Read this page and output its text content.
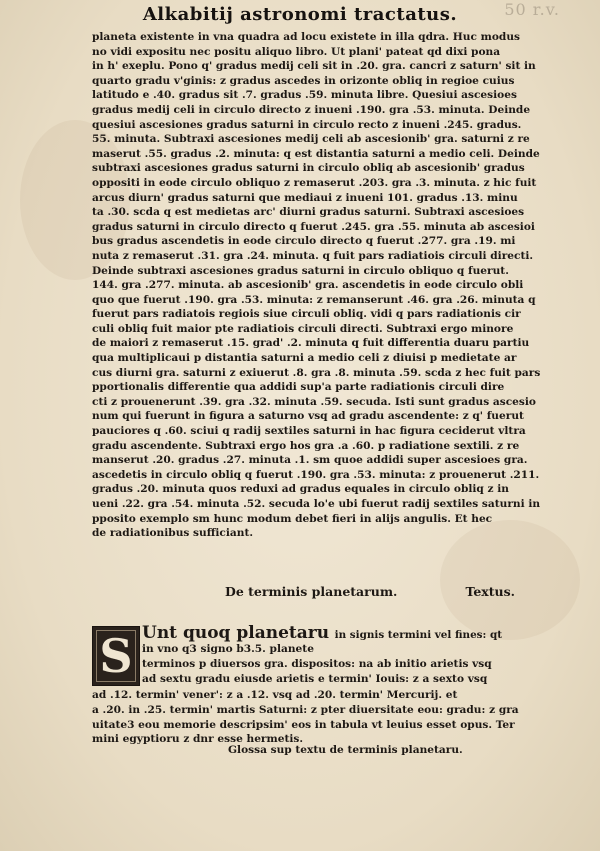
50 r.v.
Alkabitij astronomi tractatus.
planeta existente in vna quadra ad locu existete in illa qdra. Huc modus
no vidi expositu nec positu aliquo libro. Ut plani' pateat qd dixi pona
in h' exeplu. Pono q' gradus medij celi sit in .20. gra. cancri z saturn' sit in
quarto gradu v'ginis: z gradus ascedes in orizonte obliq in regioe cuius
latitudo e .40. gradus sit .7. gradus .59. minuta libre. Quesiui ascesioes
gradus medij celi in circulo directo z inueni .190. gra .53. minuta. Deinde
quesiui ascesiones gradus saturni in circulo recto z inueni .245. gradus.
55. minuta. Subtraxi ascesiones medij celi ab ascesionib' gra. saturni z re
maserut .55. gradus .2. minuta: q est distantia saturni a medio celi. Deinde
subtraxi ascesiones gradus saturni in circulo obliq ab ascesionib' gradus
oppositi in eode circulo obliquo z remaserut .203. gra .3. minuta. z hic fuit
arcus diurn' gradus saturni que mediaui z inueni 101. gradus .13. minu
ta .30. scda q est medietas arc' diurni gradus saturni. Subtraxi ascesioes
gradus saturni in circulo directo q fuerut .245. gra .55. minuta ab ascesioi
bus gradus ascendetis in eode circulo directo q fuerut .277. gra .19. mi
nuta z remaserut .31. gra .24. minuta. q fuit pars radiatiois circuli directi.
Deinde subtraxi ascesiones gradus saturni in circulo obliquo q fuerut.
144. gra .277. minuta. ab ascesionib' gra. ascendetis in eode circulo obli
quo que fuerut .190. gra .53. minuta: z remanserunt .46. gra .26. minuta q
fuerut pars radiatois regiois siue circuli obliq. vidi q pars radiationis cir
culi obliq fuit maior pte radiatiois circuli directi. Subtraxi ergo minore
de maiori z remaserut .15. grad' .2. minuta q fuit differentia duaru partiu
qua multiplicaui p distantia saturni a medio celi z diuisi p medietate ar
cus diurni gra. saturni z exiuerut .8. gra .8. minuta .59. scda z hec fuit pars
pportionalis differentie qua addidi sup'a parte radiationis circuli dire
cti z prouenerunt .39. gra .32. minuta .59. secuda. Isti sunt gradus ascesio
num qui fuerunt in figura a saturno vsq ad gradu ascendente: z q' fuerut
pauciores q .60. sciui q radij sextiles saturni in hac figura ceciderut vltra
gradu ascendente. Subtraxi ergo hos gra .a .60. p radiatione sextili. z re
manserut .20. gradus .27. minuta .1. sm quoe addidi super ascesioes gra.
ascedetis in circulo obliq q fuerut .190. gra .53. minuta: z prouenerut .211.
gradus .20. minuta quos reduxi ad gradus equales in circulo obliq z in
ueni .22. gra .54. minuta .52. secuda lo'e ubi fuerut radij sextiles saturni in
pposito exemplo sm hunc modum debet fieri in alijs angulis. Et hec
de radiationibus sufficiant.
De terminis planetarum.	Textus.
S Unt quoq planetaru in signis termini vel fines: qt
in vno q3 signo b3.5. planete
terminos p diuersos gra. dispositos: na ab initio arietis vsq
ad sextu gradu eiusde arietis e termin' Iouis: z a sexto vsq
ad .12. termin' vener': z a .12. vsq ad .20. termin' Mercurij. et
a .20. in .25. termin' martis Saturni: z pter diuersitate eou: gradu: z gra
uitate3 eou memorie descripsim' eos in tabula vt leuius esset opus. Ter
mini egyptioru z dnr esse hermetis.
Glossa sup textu de terminis planetaru.
